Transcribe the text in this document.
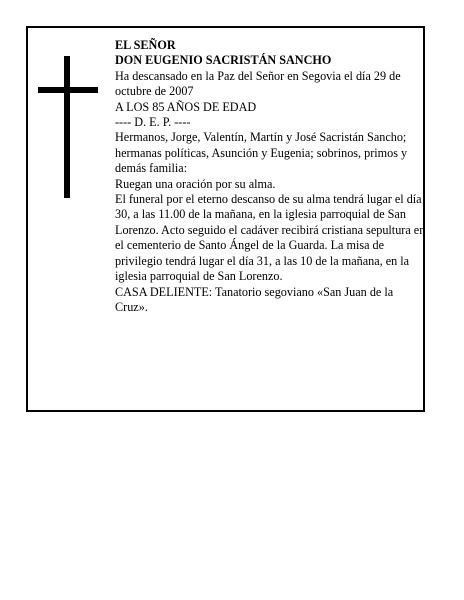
EL SEÑOR

DON EUGENIO SACRISTÁN SANCHO

Ha descansado en la Paz del Señor en Segovia el día 29 de octubre de 2007

A LOS 85 AÑOS DE EDAD

---- D. E. P. ----

Hermanos, Jorge, Valentín, Martín y José Sacristán Sancho; hermanas políticas, Asunción y Eugenia; sobrinos, primos y demás familia:

Ruegan una oración por su alma.

El funeral por el eterno descanso de su alma tendrá lugar el día 30, a las 11.00 de la mañana, en la iglesia parroquial de San Lorenzo. Acto seguido el cadáver recibirá cristiana sepultura en el cementerio de Santo Ángel de la Guarda. La misa de privilegio tendrá lugar el día 31, a las 10 de la mañana, en la iglesia parroquial de San Lorenzo.

CASA DELIENTE: Tanatorio segoviano «San Juan de la Cruz».
